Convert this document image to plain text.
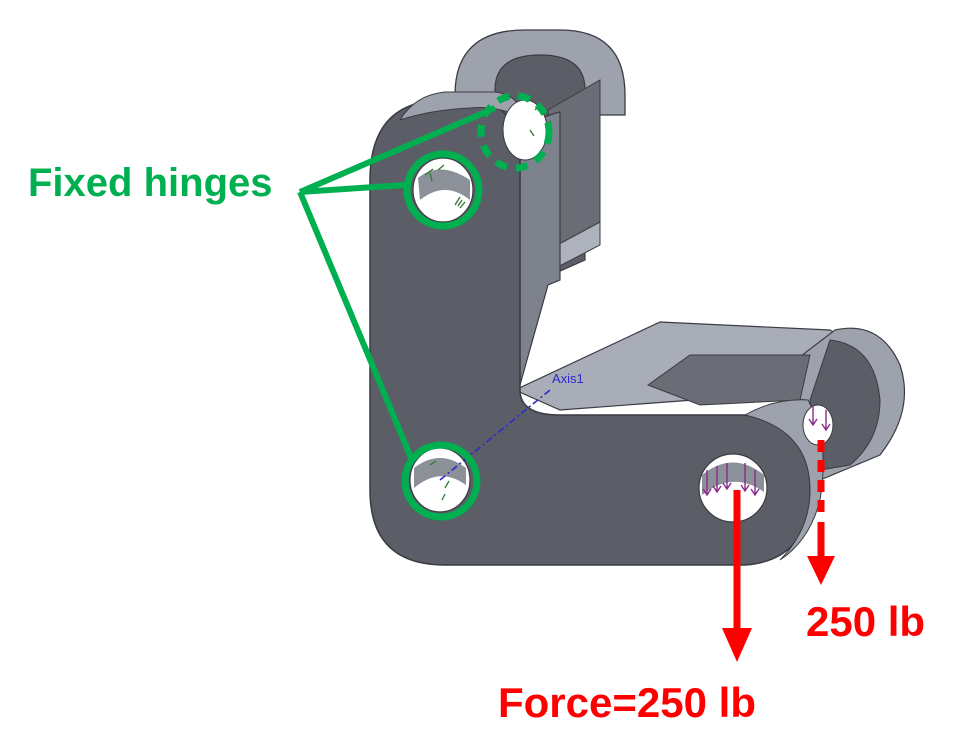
Fixed hinges
Force=250 lb
250 lb
Axis1
